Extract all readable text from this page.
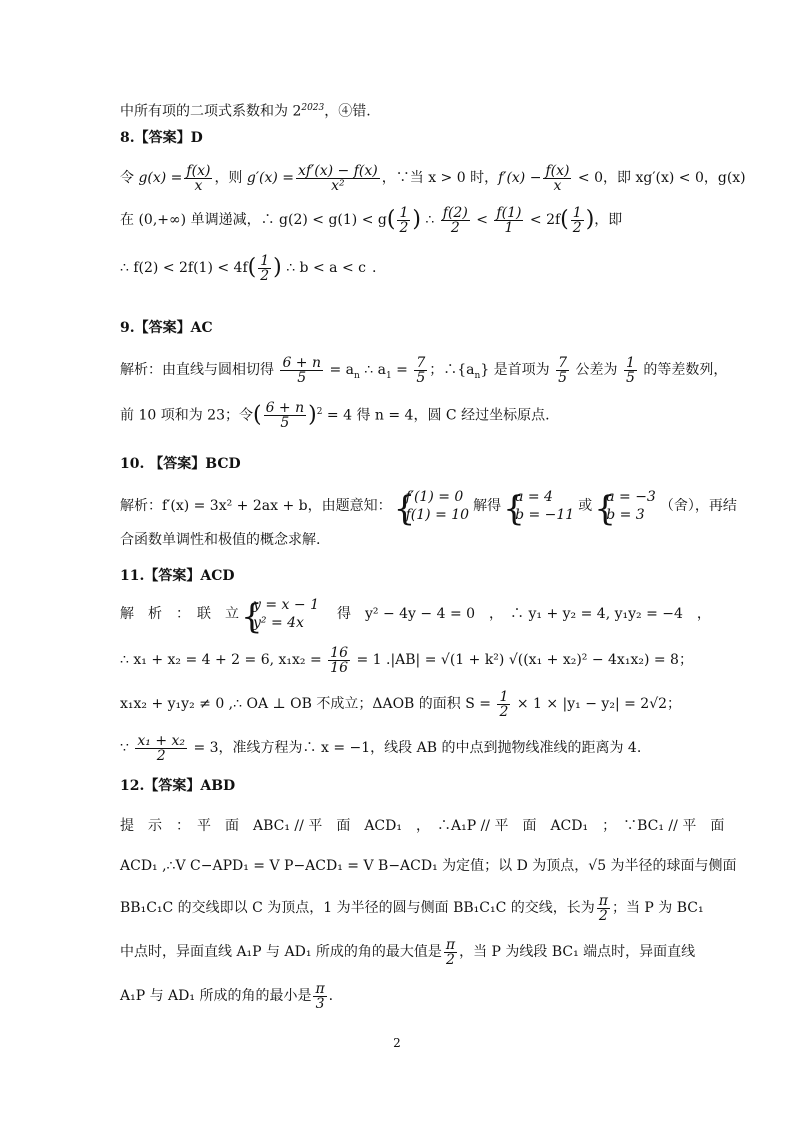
中所有项的二项式系数和为 $2^{2023}$，④错.
8.【答案】D
令 $g(x) = \frac{f(x)}{x}$ ，则 $g'(x) = \frac{xf'(x) - f(x)}{\text{x²}}$ ，∵当 x > 0 时，$f'(x) - \frac{f(x)}{x} < 0$，即 xg′(x) < 0，g(x)
在 (0,+∞) 单调递减，∴ $g(2) < g(1) < g( \frac{1}{2}$ ) ∴ $\frac{f(2)}{2} < \frac{f(1)}{1} < 2f( \frac{1}{2}$ )，即
∴ $f(2) < 2f(1) < 4f( \frac{1}{2}$ ) ∴ b < a < c .
9.【答案】AC
解析：由直线与圆相切得 $\frac{6 + n}{5} = a_n$ ∴ $a_1 = \frac{7}{5}$ ；$\therefore\{a_n\}$ 是首项为 $\frac{7}{5}$ 公差为 $\frac{1}{5}$ 的等差数列，
前 10 项和为 23；令( $\frac{6 + n}{5} )^2 = 4$ 得 n = 4，圆 C 经过坐标原点.
10. 【答案】BCD
解析：f′(x) = 3x² + 2ax + b，由题意知：
{ f′(1) = 0
f(1) = 10
解得
{ a = 4
b = −11
或
{ a = −3
b = 3
（舍），再结
合函数单调性和极值的概念求解.
11.【答案】ACD
解　析　：　联　立
{ y = x − 1
y² = 4x
　得　y² − 4y − 4 = 0　，　∴ y₁ + y₂ = 4, y₁y₂ = −4　，
∴ x₁ + x₂ = 4 + 2 = 6, $x_1x_2 = \frac{16}{16} = 1$ .|AB| = √(1 + k²) √((x₁ + x₂)² − 4x₁x₂) = 8；
x₁x₂ + y₁y₂ ≠ 0 ,∴ OA ⊥ OB 不成立；ΔAOB 的面积 $S = \frac{1}{2} \times 1 \times |y_1 - y_2| = 2√2$；
∵ $\frac{\text{x₁ + x₂}}{2} = 3$，准线方程为∴ x = −1，线段 AB 的中点到抛物线准线的距离为 4.
12.【答案】ABD
提　示　：　平　面　ABC₁ // 平　面　ACD₁　，　∴A₁P // 平　面　ACD₁　；　∵BC₁ // 平　面
ACD₁ ,∴V C−APD₁ = V P−ACD₁ = V B−ACD₁ 为定值；以 D 为顶点，√5 为半径的球面与侧面
BB₁C₁C 的交线即以 C 为顶点，1 为半径的圆与侧面 BB₁C₁C 的交线，长为 $\frac{\pi}{2}$ ；当 P 为 BC₁
中点时，异面直线 A₁P 与 AD₁ 所成的角的最大值是 $\frac{\pi}{2}$ ，当 P 为线段 BC₁ 端点时，异面直线
A₁P 与 AD₁ 所成的角的最小是 $\frac{\pi}{3}$ .
2
